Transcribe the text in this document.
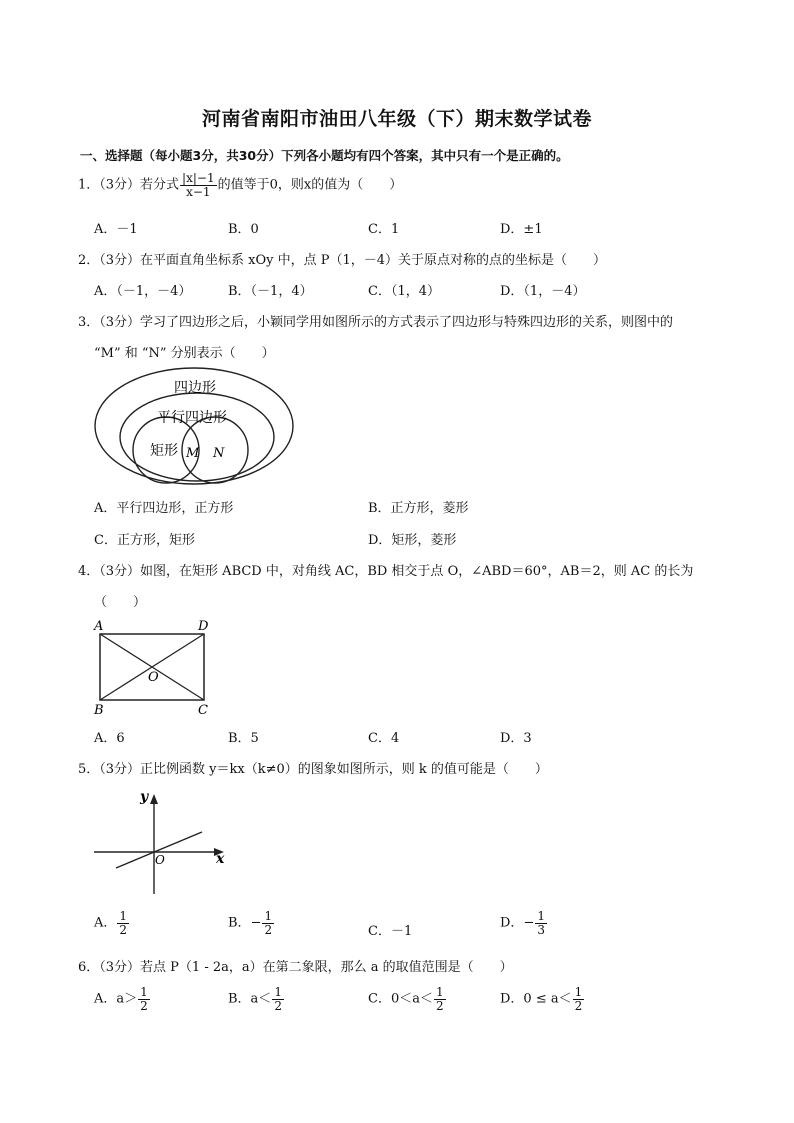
河南省南阳市油田八年级（下）期末数学试卷
一、选择题（每小题3分，共30分）下列各小题均有四个答案，其中只有一个是正确的。
1．（3分）若分式 $\frac{|x|-1}{x-1}$ 的值等于0，则x的值为（　　）
A．－1	B．0	C．1	D．±1
2．（3分）在平面直角坐标系 xOy 中，点 P（1，－4）关于原点对称的点的坐标是（　　）
A．（－1，－4）	B．（－1，4）	C．（1，4）	D．（1，－4）
3．（3分）学习了四边形之后，小颖同学用如图所示的方式表示了四边形与特殊四边形的关系，则图中的
“M” 和 “N” 分别表示（　　）
四边形
平行四边形
矩形 M N
A．平行四边形，正方形	B．正方形，菱形
C．正方形，矩形	D．矩形，菱形
4．（3分）如图，在矩形 ABCD 中，对角线 AC，BD 相交于点 O，∠ABD＝60°，AB＝2，则 AC 的长为
（　　）
A
B	C
D
O
A．6	B．5	C．4	D．3
5．（3分）正比例函数 y＝kx（k≠0）的图象如图所示，则 k 的值可能是（　　）
y
x
O
A． $\frac{1}{2}$	B．− $\frac{1}{2}$	C．－1
D．− $\frac{1}{3}$
6．（3分）若点 P（1 - 2a，a）在第二象限，那么 a 的取值范围是（　　）
A．$a> \frac{1}{2}$	B．$a< \frac{1}{2}$	C．$0<a< \frac{1}{2}$	D．$0 \le a< \frac{1}{2}$
